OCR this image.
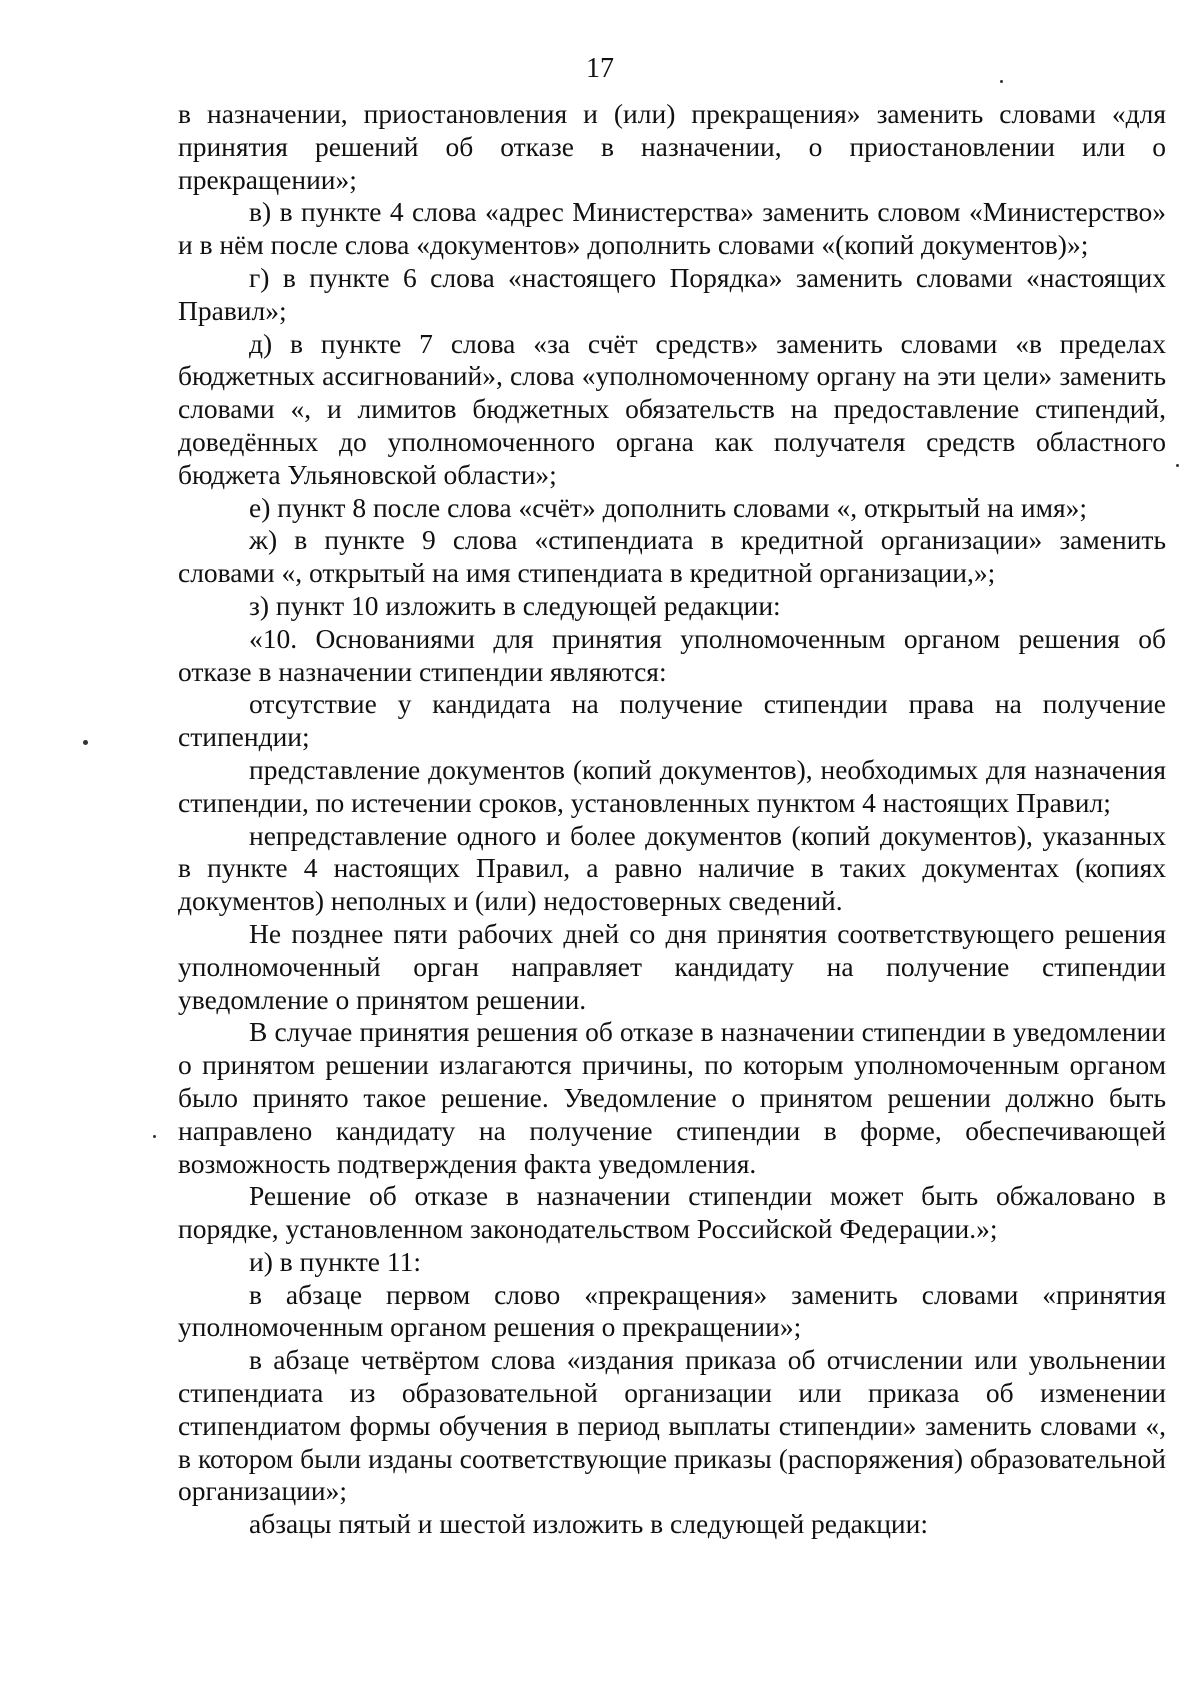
17

в назначении, приостановления и (или) прекращения» заменить словами «для принятия решений об отказе в назначении, о приостановлении или о прекращении»;

в) в пункте 4 слова «адрес Министерства» заменить словом «Министерство» и в нём после слова «документов» дополнить словами «(копий документов)»;

г) в пункте 6 слова «настоящего Порядка» заменить словами «настоящих Правил»;

д) в пункте 7 слова «за счёт средств» заменить словами «в пределах бюджетных ассигнований», слова «уполномоченному органу на эти цели» заменить словами «, и лимитов бюджетных обязательств на предоставление стипендий, доведённых до уполномоченного органа как получателя средств областного бюджета Ульяновской области»;

е) пункт 8 после слова «счёт» дополнить словами «, открытый на имя»;

ж) в пункте 9 слова «стипендиата в кредитной организации» заменить словами «, открытый на имя стипендиата в кредитной организации,»;

з) пункт 10 изложить в следующей редакции:

«10. Основаниями для принятия уполномоченным органом решения об отказе в назначении стипендии являются:

отсутствие у кандидата на получение стипендии права на получение стипендии;

представление документов (копий документов), необходимых для назначения стипендии, по истечении сроков, установленных пунктом 4 настоящих Правил;

непредставление одного и более документов (копий документов), указанных в пункте 4 настоящих Правил, а равно наличие в таких документах (копиях документов) неполных и (или) недостоверных сведений.

Не позднее пяти рабочих дней со дня принятия соответствующего решения уполномоченный орган направляет кандидату на получение стипендии уведомление о принятом решении.

В случае принятия решения об отказе в назначении стипендии в уведомлении о принятом решении излагаются причины, по которым уполномоченным органом было принято такое решение. Уведомление о принятом решении должно быть направлено кандидату на получение стипендии в форме, обеспечивающей возможность подтверждения факта уведомления.

Решение об отказе в назначении стипендии может быть обжаловано в порядке, установленном законодательством Российской Федерации.»;

и) в пункте 11:

в абзаце первом слово «прекращения» заменить словами «принятия уполномоченным органом решения о прекращении»;

в абзаце четвёртом слова «издания приказа об отчислении или увольнении стипендиата из образовательной организации или приказа об изменении стипендиатом формы обучения в период выплаты стипендии» заменить словами «, в котором были изданы соответствующие приказы (распоряжения) образовательной организации»;

абзацы пятый и шестой изложить в следующей редакции:
